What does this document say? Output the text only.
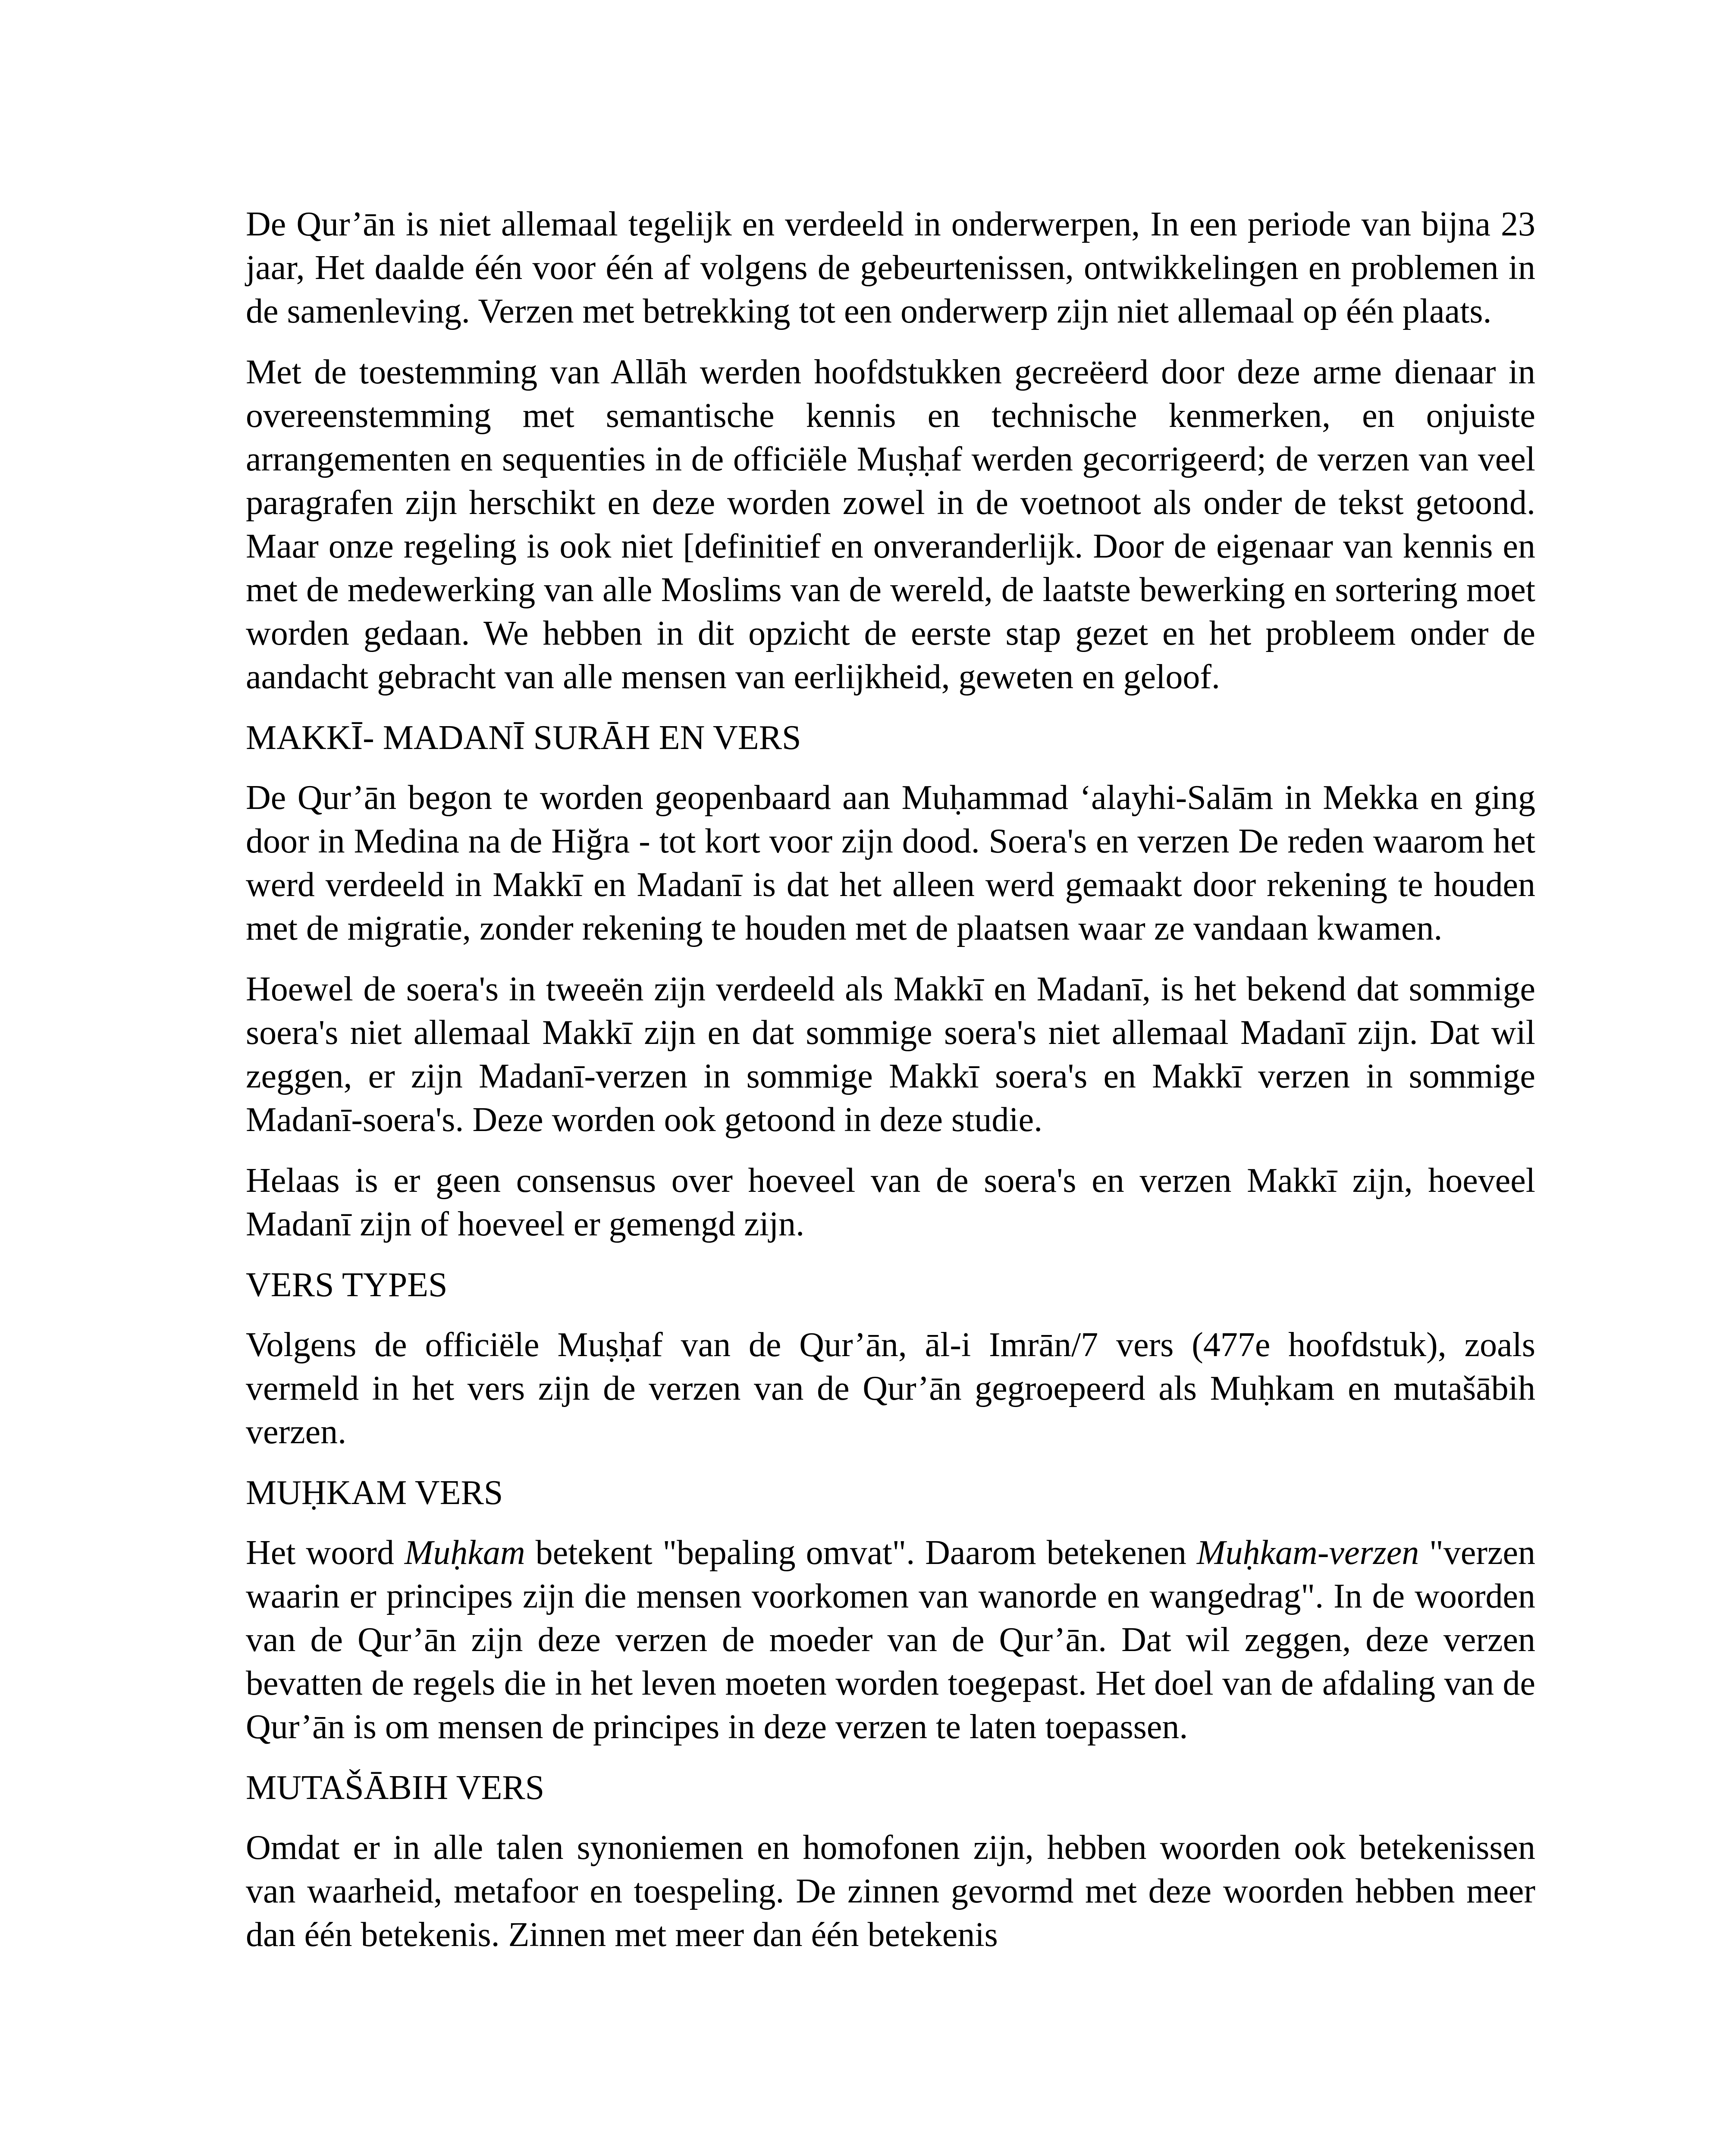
De Qur’ān is niet allemaal tegelijk en verdeeld in onderwerpen, In een periode van bijna 23 jaar, Het daalde één voor één af volgens de gebeurtenissen, ontwikkelingen en problemen in de samenleving. Verzen met betrekking tot een onderwerp zijn niet allemaal op één plaats.

Met de toestemming van Allāh werden hoofdstukken gecreëerd door deze arme dienaar in overeenstemming met semantische kennis en technische kenmerken, en onjuiste arrangementen en sequenties in de officiële Muṣḥaf werden gecorrigeerd; de verzen van veel paragrafen zijn herschikt en deze worden zowel in de voetnoot als onder de tekst getoond. Maar onze regeling is ook niet [definitief en onveranderlijk. Door de eigenaar van kennis en met de medewerking van alle Moslims van de wereld, de laatste bewerking en sortering moet worden gedaan. We hebben in dit opzicht de eerste stap gezet en het probleem onder de aandacht gebracht van alle mensen van eerlijkheid, geweten en geloof.

MAKKĪ- MADANĪ SURĀH EN VERS

De Qur’ān begon te worden geopenbaard aan Muḥammad ‘alayhi-Salām in Mekka en ging door in Medina na de Hiğra - tot kort voor zijn dood. Soera's en verzen De reden waarom het werd verdeeld in Makkī en Madanī is dat het alleen werd gemaakt door rekening te houden met de migratie, zonder rekening te houden met de plaatsen waar ze vandaan kwamen.

Hoewel de soera's in tweeën zijn verdeeld als Makkī en Madanī, is het bekend dat sommige soera's niet allemaal Makkī zijn en dat sommige soera's niet allemaal Madanī zijn. Dat wil zeggen, er zijn Madanī-verzen in sommige Makkī soera's en Makkī verzen in sommige Madanī-soera's. Deze worden ook getoond in deze studie.

Helaas is er geen consensus over hoeveel van de soera's en verzen Makkī zijn, hoeveel Madanī zijn of hoeveel er gemengd zijn.

VERS TYPES

Volgens de officiële Muṣḥaf van de Qur’ān, āl-i Imrān/7 vers (477e hoofdstuk), zoals vermeld in het vers zijn de verzen van de Qur’ān gegroepeerd als Muḥkam en mutašābih verzen.

MUḤKAM VERS

Het woord Muḥkam betekent "bepaling omvat". Daarom betekenen Muḥkam-verzen "verzen waarin er principes zijn die mensen voorkomen van wanorde en wangedrag". In de woorden van de Qur’ān zijn deze verzen de moeder van de Qur’ān. Dat wil zeggen, deze verzen bevatten de regels die in het leven moeten worden toegepast. Het doel van de afdaling van de Qur’ān is om mensen de principes in deze verzen te laten toepassen.

MUTAŠĀBIH VERS

Omdat er in alle talen synoniemen en homofonen zijn, hebben woorden ook betekenissen van waarheid, metafoor en toespeling. De zinnen gevormd met deze woorden hebben meer dan één betekenis. Zinnen met meer dan één betekenis
